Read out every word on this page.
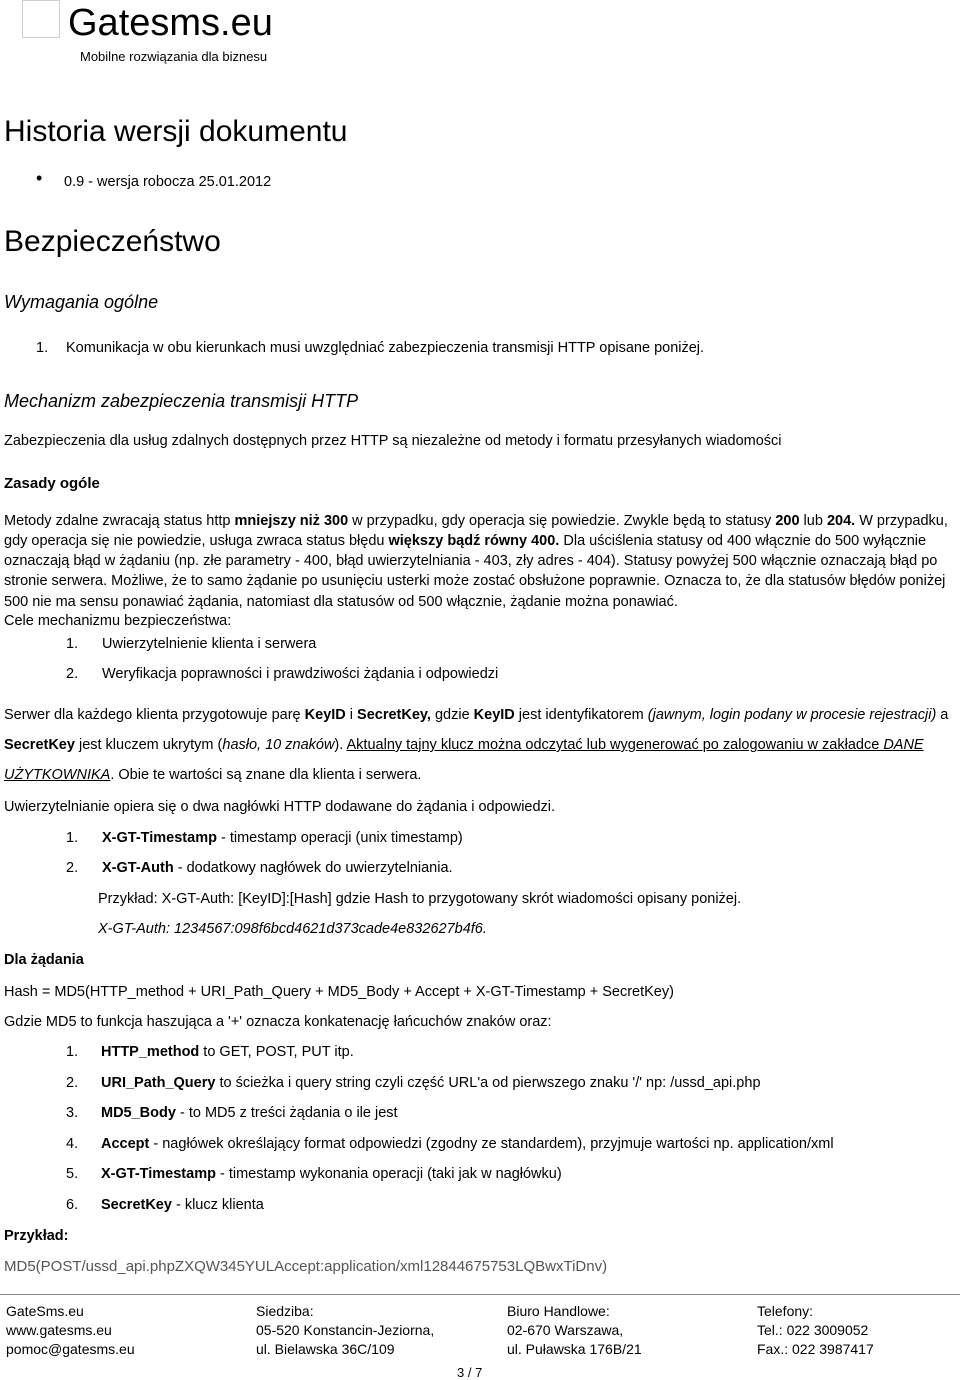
Gatesms.eu
Mobilne rozwiązania dla biznesu
Historia wersji dokumentu
• 0.9 - wersja robocza 25.01.2012
Bezpieczeństwo
Wymagania ogólne
1. Komunikacja w obu kierunkach musi uwzględniać zabezpieczenia transmisji HTTP opisane poniżej.
Mechanizm zabezpieczenia transmisji HTTP
Zabezpieczenia dla usług zdalnych dostępnych przez HTTP są niezależne od metody i formatu przesyłanych wiadomości
Zasady ogóle
Metody zdalne zwracają status http mniejszy niż 300 w przypadku, gdy operacja się powiedzie. Zwykle będą to statusy 200 lub 204. W przypadku,
gdy operacja się nie powiedzie, usługa zwraca status błędu większy bądź równy 400. Dla uściślenia statusy od 400 włącznie do 500 wyłącznie
oznaczają błąd w żądaniu (np. złe parametry - 400, błąd uwierzytelniania - 403, zły adres - 404). Statusy powyżej 500 włącznie oznaczają błąd po
stronie serwera. Możliwe, że to samo żądanie po usunięciu usterki może zostać obsłużone poprawnie. Oznacza to, że dla statusów błędów poniżej
500 nie ma sensu ponawiać żądania, natomiast dla statusów od 500 włącznie, żądanie można ponawiać.
Cele mechanizmu bezpieczeństwa:
1. Uwierzytelnienie klienta i serwera
2. Weryfikacja poprawności i prawdziwości żądania i odpowiedzi
Serwer dla każdego klienta przygotowuje parę KeyID i SecretKey, gdzie KeyID jest identyfikatorem (jawnym, login podany w procesie rejestracji) a
SecretKey jest kluczem ukrytym (hasło, 10 znaków). Aktualny tajny klucz można odczytać lub wygenerować po zalogowaniu w zakładce DANE
UŻYTKOWNIKA. Obie te wartości są znane dla klienta i serwera.
Uwierzytelnianie opiera się o dwa nagłówki HTTP dodawane do żądania i odpowiedzi.
1. X-GT-Timestamp - timestamp operacji (unix timestamp)
2. X-GT-Auth - dodatkowy nagłówek do uwierzytelniania.
Przykład: X-GT-Auth: [KeyID]:[Hash] gdzie Hash to przygotowany skrót wiadomości opisany poniżej.
X-GT-Auth: 1234567:098f6bcd4621d373cade4e832627b4f6.
Dla żądania
Hash = MD5(HTTP_method + URI_Path_Query + MD5_Body + Accept + X-GT-Timestamp + SecretKey)
Gdzie MD5 to funkcja haszująca a '+' oznacza konkatenację łańcuchów znaków oraz:
1. HTTP_method to GET, POST, PUT itp.
2. URI_Path_Query to ścieżka i query string czyli część URL'a od pierwszego znaku '/' np: /ussd_api.php
3. MD5_Body - to MD5 z treści żądania o ile jest
4. Accept - nagłówek określający format odpowiedzi (zgodny ze standardem), przyjmuje wartości np. application/xml
5. X-GT-Timestamp - timestamp wykonania operacji (taki jak w nagłówku)
6. SecretKey - klucz klienta
Przykład:
MD5(POST/ussd_api.phpZXQW345YULAccept:application/xml12844675753LQBwxTiDnv)
GateSms.eu
www.gatesms.eu
pomoc@gatesms.eu
Siedziba:
05-520 Konstancin-Jeziorna,
ul. Bielawska 36C/109
Biuro Handlowe:
02-670 Warszawa,
ul. Puławska 176B/21
Telefony:
Tel.: 022 3009052
Fax.: 022 3987417
3 / 7
